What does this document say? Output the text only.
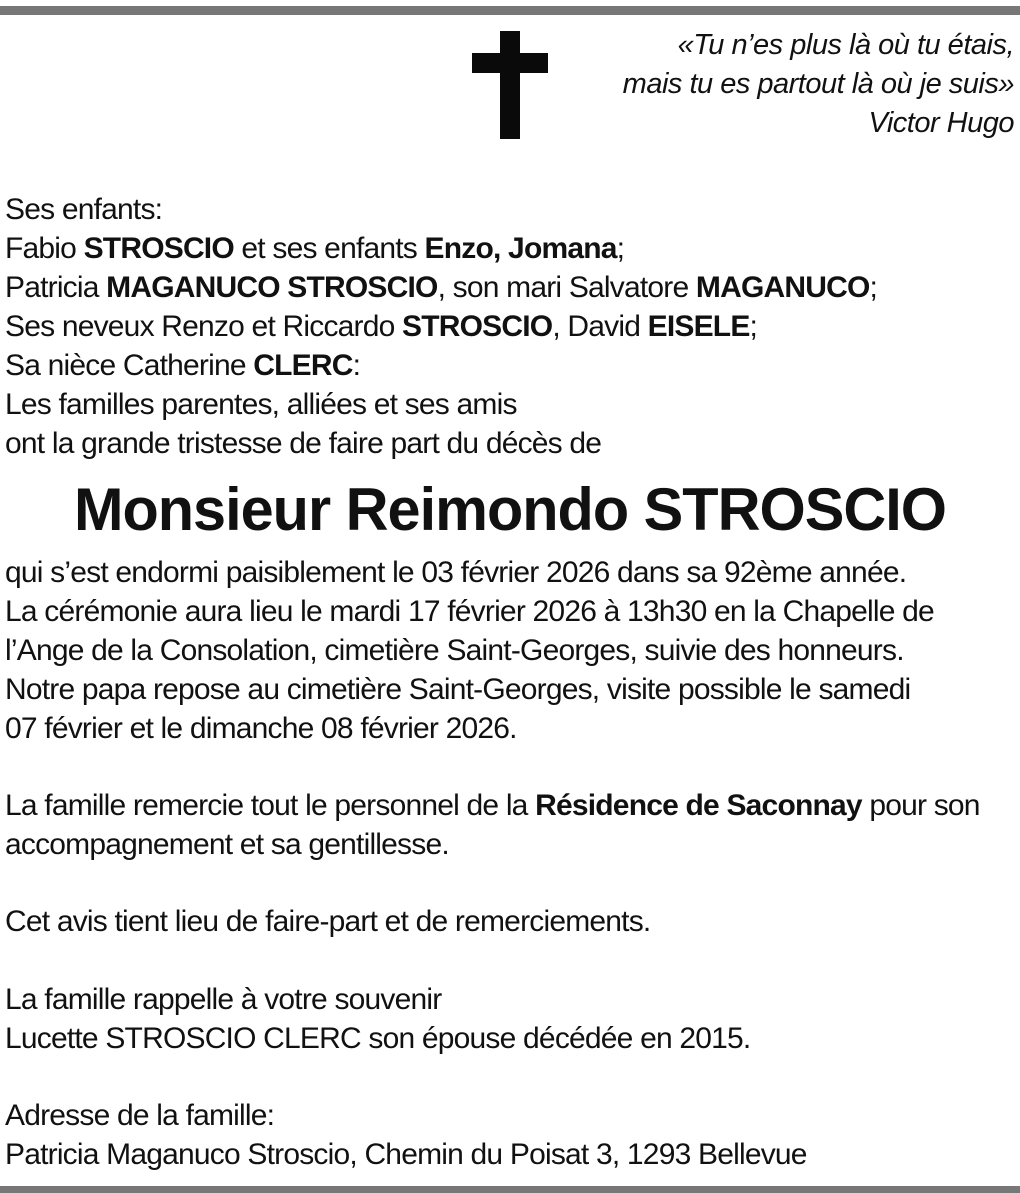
«Tu n’es plus là où tu étais,
mais tu es partout là où je suis»
Victor Hugo
Ses enfants:
Fabio STROSCIO et ses enfants Enzo, Jomana;
Patricia MAGANUCO STROSCIO, son mari Salvatore MAGANUCO;
Ses neveux Renzo et Riccardo STROSCIO, David EISELE;
Sa nièce Catherine CLERC:
Les familles parentes, alliées et ses amis
ont la grande tristesse de faire part du décès de
Monsieur Reimondo STROSCIO
qui s’est endormi paisiblement le 03 février 2026 dans sa 92ème année.
La cérémonie aura lieu le mardi 17 février 2026 à 13h30 en la Chapelle de
l’Ange de la Consolation, cimetière Saint-Georges, suivie des honneurs.
Notre papa repose au cimetière Saint-Georges, visite possible le samedi
07 février et le dimanche 08 février 2026.
La famille remercie tout le personnel de la Résidence de Saconnay pour son
accompagnement et sa gentillesse.
Cet avis tient lieu de faire-part et de remerciements.
La famille rappelle à votre souvenir
Lucette STROSCIO CLERC son épouse décédée en 2015.
Adresse de la famille:
Patricia Maganuco Stroscio, Chemin du Poisat 3, 1293 Bellevue
